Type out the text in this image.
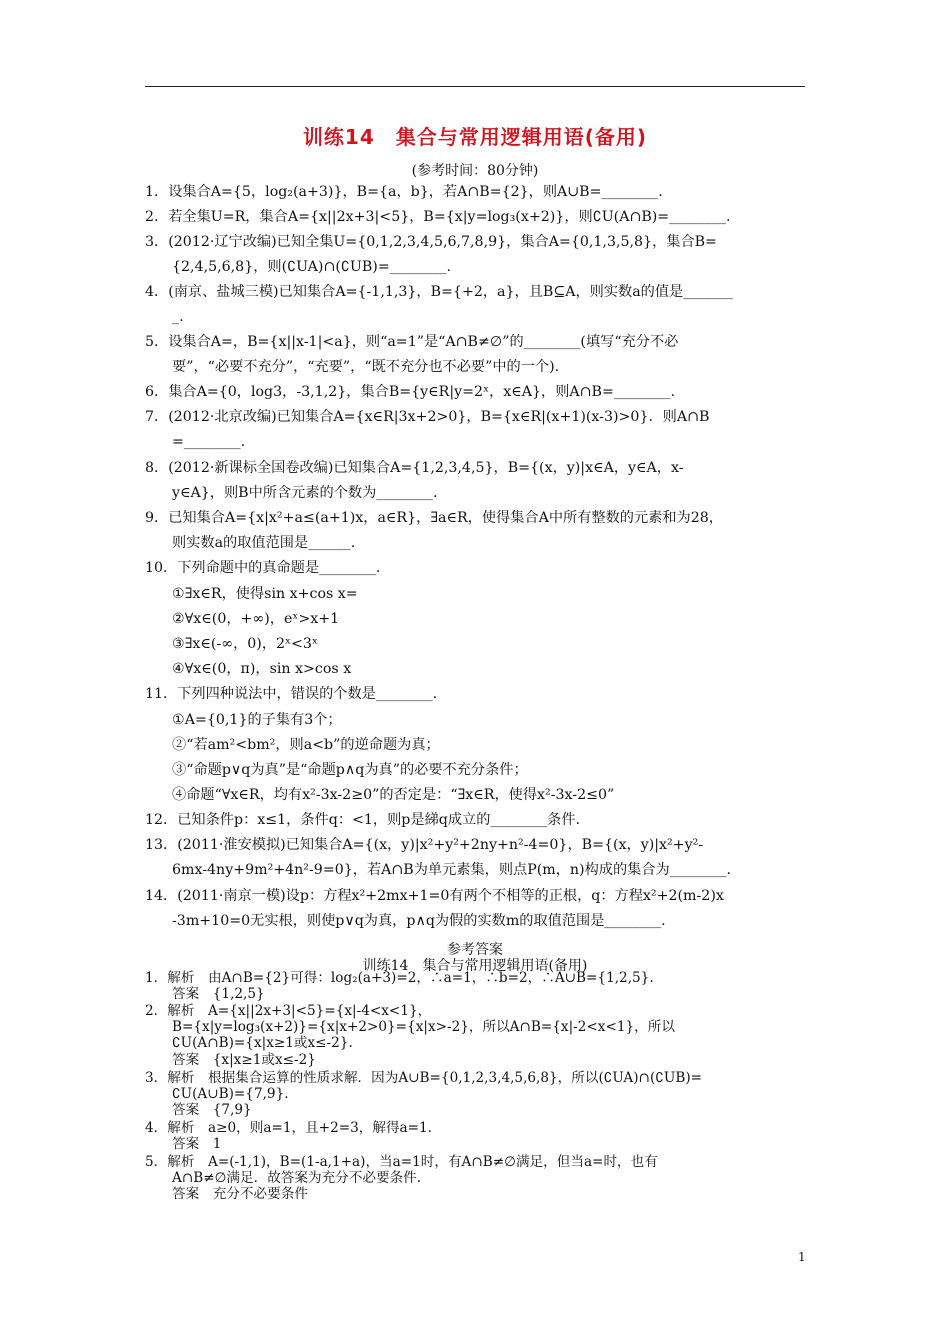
训练14　集合与常用逻辑用语(备用)
(参考时间：80分钟)
1．设集合A={5，log₂(a+3)}，B={a，b}，若A∩B={2}，则A∪B=________.
2．若全集U=R，集合A={x||2x+3|<5}，B={x|y=log₃(x+2)}，则∁U(A∩B)=________.
3．(2012·辽宁改编)已知全集U={0,1,2,3,4,5,6,7,8,9}，集合A={0,1,3,5,8}，集合B=
{2,4,5,6,8}，则(∁UA)∩(∁UB)=________.
4．(南京、盐城三模)已知集合A={-1,1,3}，B={+2，a}，且B⊆A，则实数a的值是_______
_.
5．设集合A=，B={x||x-1|<a}，则“a=1”是“A∩B≠∅”的________(填写“充分不必
要”，“必要不充分”，“充要”，“既不充分也不必要”中的一个).
6．集合A={0，log3，-3,1,2}，集合B={y∈R|y=2ˣ，x∈A}，则A∩B=________.
7．(2012·北京改编)已知集合A={x∈R|3x+2>0}，B={x∈R|(x+1)(x-3)>0}．则A∩B
=________.
8．(2012·新课标全国卷改编)已知集合A={1,2,3,4,5}，B={(x，y)|x∈A，y∈A，x-
y∈A}，则B中所含元素的个数为________.
9．已知集合A={x|x²+a≤(a+1)x，a∈R}，∃a∈R，使得集合A中所有整数的元素和为28，
则实数a的取值范围是______.
10．下列命题中的真命题是________.
①∃x∈R，使得sin x+cos x=
②∀x∈(0，+∞)，eˣ>x+1
③∃x∈(-∞，0)，2ˣ<3ˣ
④∀x∈(0，π)，sin x>cos x
11．下列四种说法中，错误的个数是________.
①A={0,1}的子集有3个；
②“若am²<bm²，则a<b”的逆命题为真；
③“命题p∨q为真”是“命题p∧q为真”的必要不充分条件；
④命题“∀x∈R，均有x²-3x-2≥0”的否定是：“∃x∈R，使得x²-3x-2≤0”
12．已知条件p：x≤1，条件q：<1，则p是綈q成立的________条件.
13．(2011·淮安模拟)已知集合A={(x，y)|x²+y²+2ny+n²-4=0}，B={(x，y)|x²+y²-
6mx-4ny+9m²+4n²-9=0}，若A∩B为单元素集，则点P(m，n)构成的集合为________.
14．(2011·南京一模)设p：方程x²+2mx+1=0有两个不相等的正根，q：方程x²+2(m-2)x
-3m+10=0无实根，则使p∨q为真，p∧q为假的实数m的取值范围是________.
参考答案
训练14　集合与常用逻辑用语(备用)
1．解析　由A∩B={2}可得：log₂(a+3)=2，∴a=1，∴b=2，∴A∪B={1,2,5}.
答案　{1,2,5}
2．解析　A={x||2x+3|<5}={x|-4<x<1}，
B={x|y=log₃(x+2)}={x|x+2>0}={x|x>-2}，所以A∩B={x|-2<x<1}，所以
∁U(A∩B)={x|x≥1或x≤-2}.
答案　{x|x≥1或x≤-2}
3．解析　根据集合运算的性质求解．因为A∪B={0,1,2,3,4,5,6,8}，所以(∁UA)∩(∁UB)=
∁U(A∪B)={7,9}.
答案　{7,9}
4．解析　a≥0，则a=1，且+2=3，解得a=1.
答案　1
5．解析　A=(-1,1)，B=(1-a,1+a)，当a=1时，有A∩B≠∅满足，但当a=时，也有
A∩B≠∅满足．故答案为充分不必要条件.
答案　充分不必要条件
1
